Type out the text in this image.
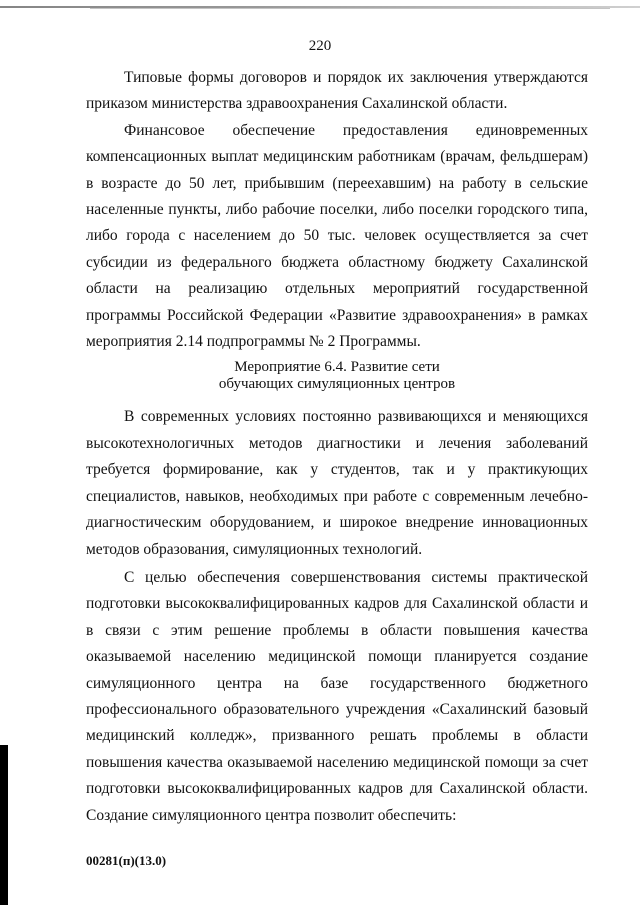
220

Типовые формы договоров и порядок их заключения утверждаются приказом министерства здравоохранения Сахалинской области.

Финансовое обеспечение предоставления единовременных компенсационных выплат медицинским работникам (врачам, фельдшерам) в возрасте до 50 лет, прибывшим (переехавшим) на работу в сельские населенные пункты, либо рабочие поселки, либо поселки городского типа, либо города с населением до 50 тыс. человек осуществляется за счет субсидии из федерального бюджета областному бюджету Сахалинской области на реализацию отдельных мероприятий государственной программы Российской Федерации «Развитие здравоохранения» в рамках мероприятия 2.14 подпрограммы № 2 Программы.

Мероприятие 6.4. Развитие сети
обучающих симуляционных центров

В современных условиях постоянно развивающихся и меняющихся высокотехнологичных методов диагностики и лечения заболеваний требуется формирование, как у студентов, так и у практикующих специалистов, навыков, необходимых при работе с современным лечебно-диагностическим оборудованием, и широкое внедрение инновационных методов образования, симуляционных технологий.

С целью обеспечения совершенствования системы практической подготовки высококвалифицированных кадров для Сахалинской области и в связи с этим решение проблемы в области повышения качества оказываемой населению медицинской помощи планируется создание симуляционного центра на базе государственного бюджетного профессионального образовательного учреждения «Сахалинский базовый медицинский колледж», призванного решать проблемы в области повышения качества оказываемой населению медицинской помощи за счет подготовки высококвалифицированных кадров для Сахалинской области. Создание симуляционного центра позволит обеспечить:

00281(п)(13.0)
